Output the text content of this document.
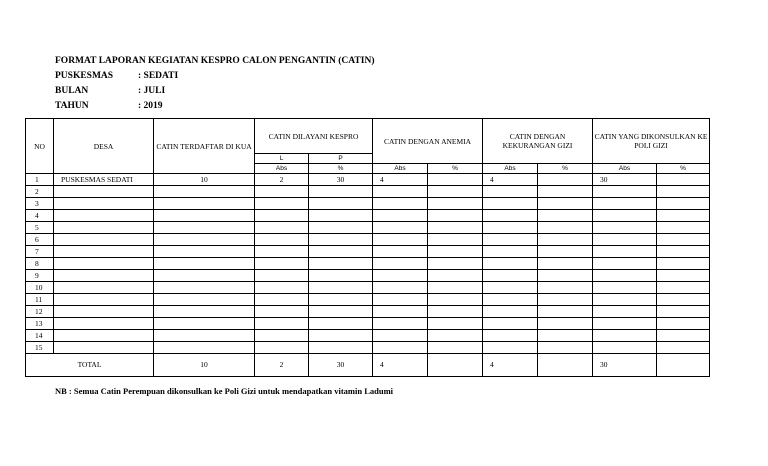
FORMAT LAPORAN KEGIATAN KESPRO CALON PENGANTIN (CATIN)
PUSKESMAS	: SEDATI
BULAN	: JULI
TAHUN	: 2019
NO	DESA	CATIN TERDAFTAR DI KUA	CATIN DILAYANI KESPRO		CATIN DENGAN ANEMIA		CATIN DENGAN KEKURANGAN GIZI		CATIN YANG DIKONSULKAN KE POLI GIZI	
			L	P						
			Abs	%	Abs	%	Abs	%	Abs	%
1	PUSKESMAS SEDATI	10	2	30	4		4		30	
2										
3										
4										
5										
6										
7										
8										
9										
10										
11										
12										
13										
14										
15										
TOTAL		10	2	30	4		4		30	
NB : Semua Catin Perempuan dikonsulkan ke Poli Gizi untuk mendapatkan vitamin Ladumi
